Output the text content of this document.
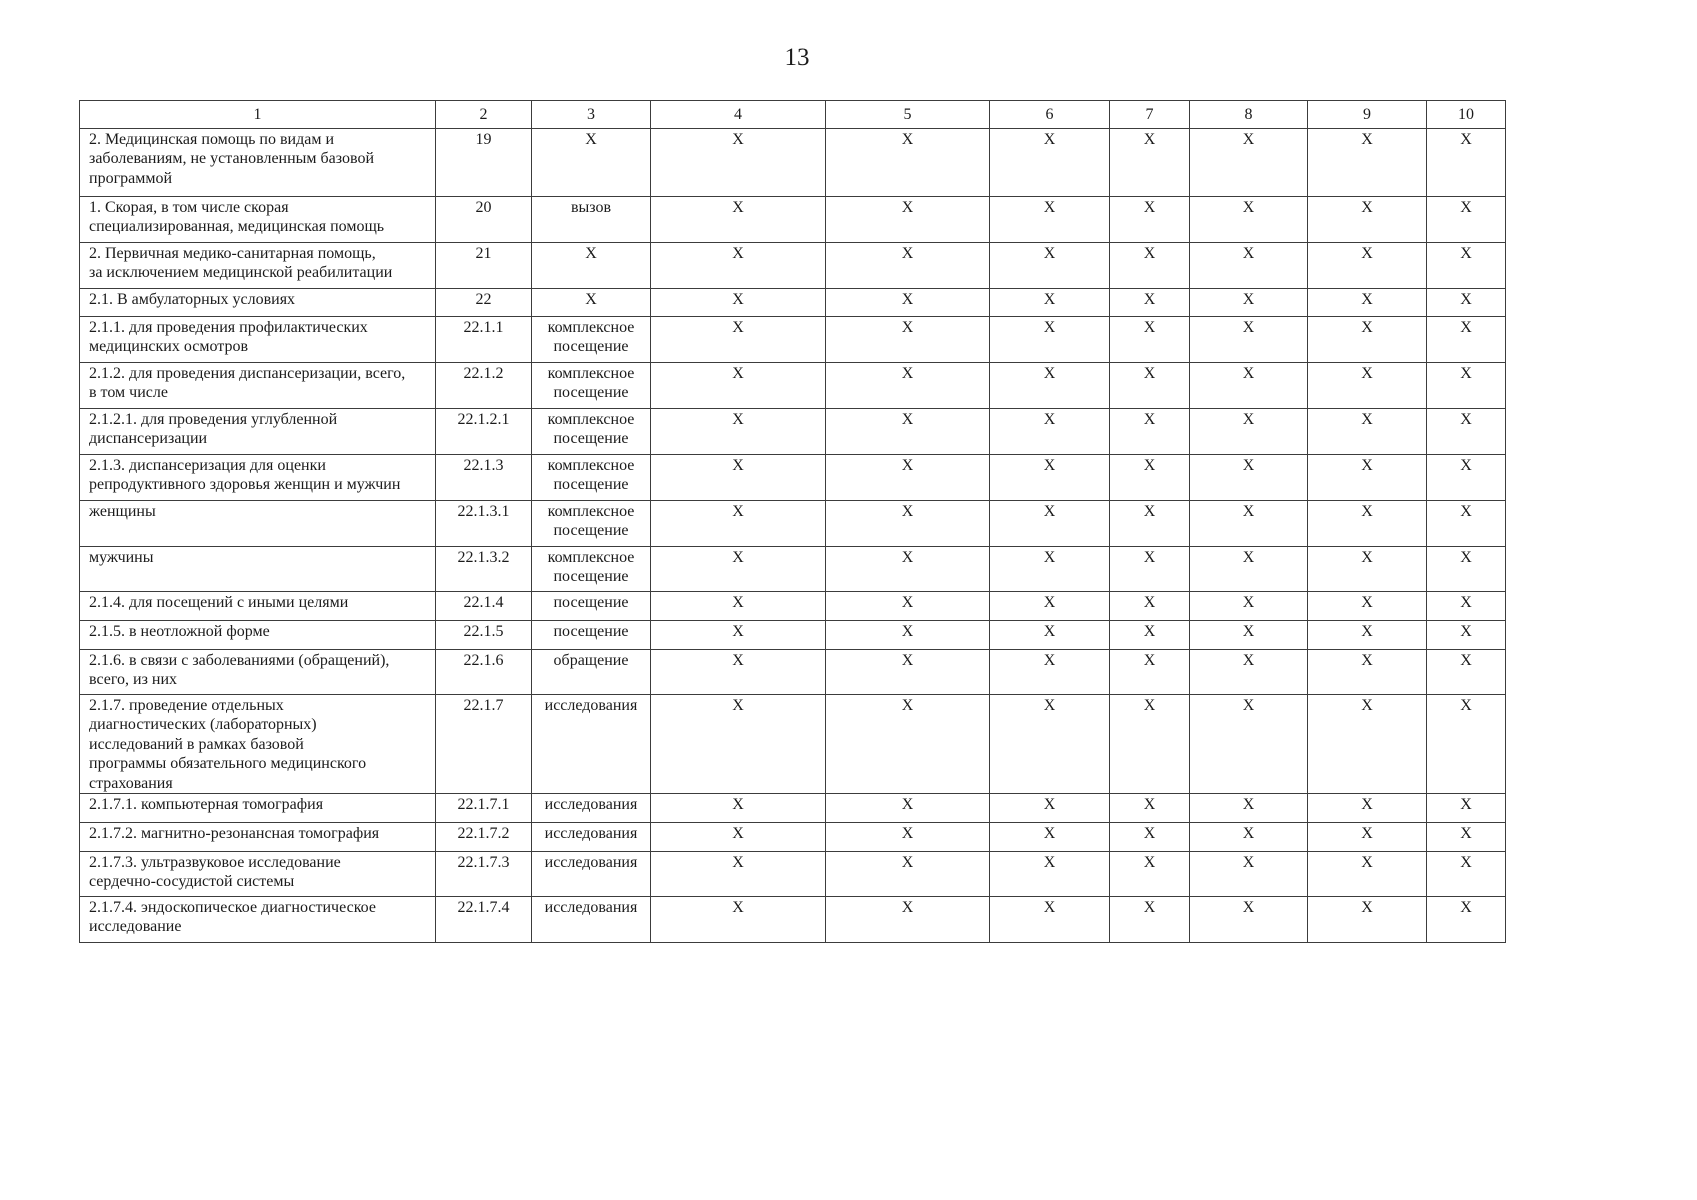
13
1	2	3	4	5	6	7	8	9	10
2. Медицинская помощь по видам и
заболеваниям, не установленным базовой
программой	19	X	X	X	X	X	X	X	X
1. Скорая, в том числе скорая
специализированная, медицинская помощь	20	вызов	X	X	X	X	X	X	X
2. Первичная медико-санитарная помощь,
за исключением медицинской реабилитации	21	X	X	X	X	X	X	X	X
2.1. В амбулаторных условиях	22	X	X	X	X	X	X	X	X
2.1.1. для проведения профилактических
медицинских осмотров	22.1.1	комплексное посещение	X	X	X	X	X	X	X
2.1.2. для проведения диспансеризации, всего,
в том числе	22.1.2	комплексное посещение	X	X	X	X	X	X	X
2.1.2.1. для проведения углубленной
диспансеризации	22.1.2.1	комплексное посещение	X	X	X	X	X	X	X
2.1.3. диспансеризация для оценки
репродуктивного здоровья женщин и мужчин	22.1.3	комплексное посещение	X	X	X	X	X	X	X
женщины	22.1.3.1	комплексное посещение	X	X	X	X	X	X	X
мужчины	22.1.3.2	комплексное посещение	X	X	X	X	X	X	X
2.1.4. для посещений с иными целями	22.1.4	посещение	X	X	X	X	X	X	X
2.1.5. в неотложной форме	22.1.5	посещение	X	X	X	X	X	X	X
2.1.6. в связи с заболеваниями (обращений),
всего, из них	22.1.6	обращение	X	X	X	X	X	X	X
2.1.7. проведение отдельных
диагностических (лабораторных)
исследований в рамках базовой
программы обязательного медицинского
страхования	22.1.7	исследования	X	X	X	X	X	X	X
2.1.7.1. компьютерная томография	22.1.7.1	исследования	X	X	X	X	X	X	X
2.1.7.2. магнитно-резонансная томография	22.1.7.2	исследования	X	X	X	X	X	X	X
2.1.7.3. ультразвуковое исследование
сердечно-сосудистой системы	22.1.7.3	исследования	X	X	X	X	X	X	X
2.1.7.4. эндоскопическое диагностическое
исследование	22.1.7.4	исследования	X	X	X	X	X	X	X
